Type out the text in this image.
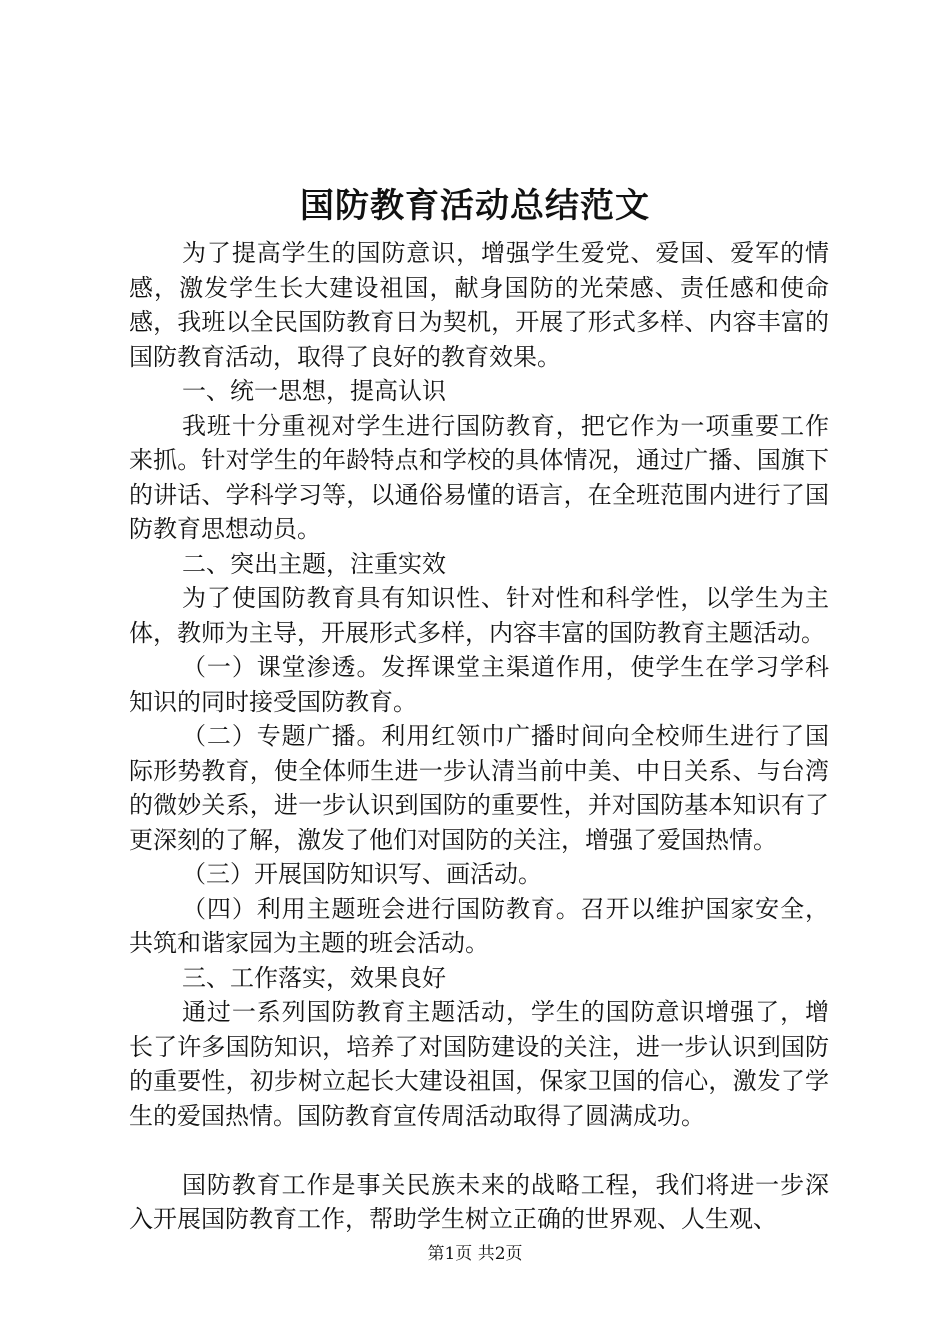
国防教育活动总结范文

为了提高学生的国防意识，增强学生爱党、爱国、爱军的情感，激发学生长大建设祖国，献身国防的光荣感、责任感和使命感，我班以全民国防教育日为契机，开展了形式多样、内容丰富的国防教育活动，取得了良好的教育效果。

一、统一思想，提高认识

我班十分重视对学生进行国防教育，把它作为一项重要工作来抓。针对学生的年龄特点和学校的具体情况，通过广播、国旗下的讲话、学科学习等，以通俗易懂的语言，在全班范围内进行了国防教育思想动员。

二、突出主题，注重实效

为了使国防教育具有知识性、针对性和科学性，以学生为主体，教师为主导，开展形式多样，内容丰富的国防教育主题活动。

（一）课堂渗透。发挥课堂主渠道作用，使学生在学习学科知识的同时接受国防教育。

（二）专题广播。利用红领巾广播时间向全校师生进行了国际形势教育，使全体师生进一步认清当前中美、中日关系、与台湾的微妙关系，进一步认识到国防的重要性，并对国防基本知识有了更深刻的了解，激发了他们对国防的关注，增强了爱国热情。

（三）开展国防知识写、画活动。

（四）利用主题班会进行国防教育。召开以维护国家安全，共筑和谐家园为主题的班会活动。

三、工作落实，效果良好

通过一系列国防教育主题活动，学生的国防意识增强了，增长了许多国防知识，培养了对国防建设的关注，进一步认识到国防的重要性，初步树立起长大建设祖国，保家卫国的信心，激发了学生的爱国热情。国防教育宣传周活动取得了圆满成功。

国防教育工作是事关民族未来的战略工程，我们将进一步深入开展国防教育工作，帮助学生树立正确的世界观、人生观、

第1页 共2页
